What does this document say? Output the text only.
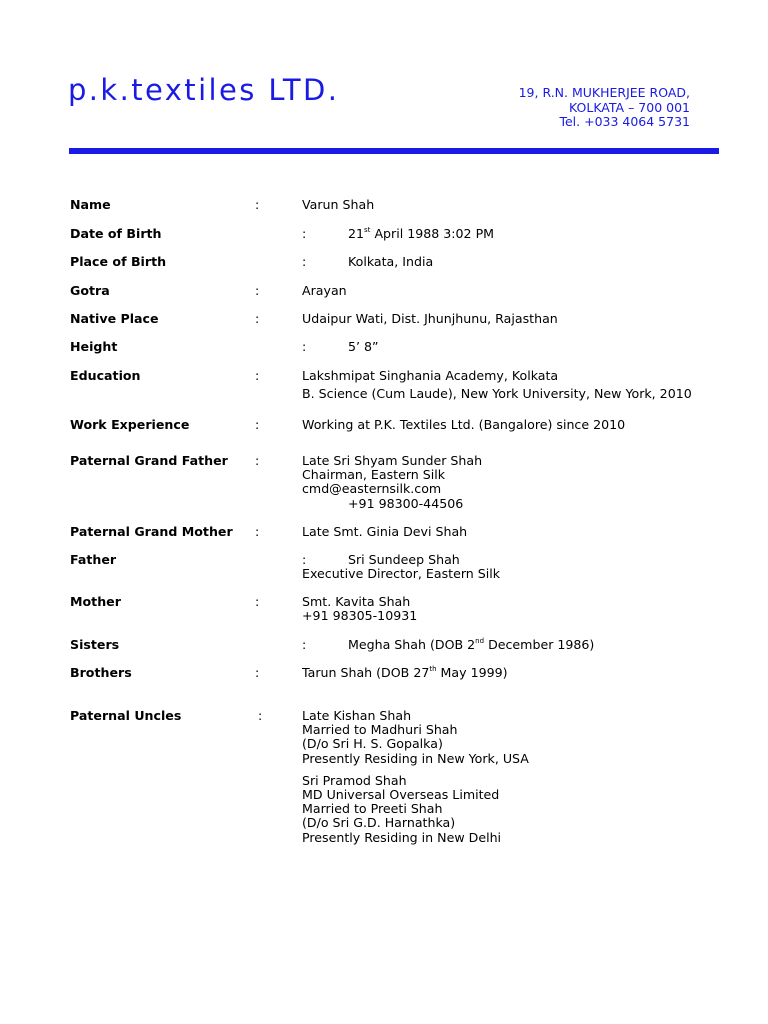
p.k.textiles LTD.	19, R.N. MUKHERJEE ROAD,
KOLKATA – 700 001
Tel. +033 4064 5731
Name	:	Varun Shah
Date of Birth	:	21st April 1988 3:02 PM
Place of Birth	:	Kolkata, India
Gotra	:	Arayan
Native Place	:	Udaipur Wati, Dist. Jhunjhunu, Rajasthan
Height	:	5’ 8”
Education	:	Lakshmipat Singhania Academy, Kolkata
B. Science (Cum Laude), New York University, New York, 2010
Work Experience	:	Working at P.K. Textiles Ltd. (Bangalore) since 2010
Paternal Grand Father :	Late Sri Shyam Sunder Shah
Chairman, Eastern Silk
cmd@easternsilk.com
+91 98300-44506
Paternal Grand Mother :	Late Smt. Ginia Devi Shah
Father	:	Sri Sundeep Shah
Executive Director, Eastern Silk
Mother	:	Smt. Kavita Shah
+91 98305-10931
Sisters	:	Megha Shah (DOB 2nd December 1986)
Brothers	:	Tarun Shah (DOB 27th May 1999)
Paternal Uncles	:	Late Kishan Shah
Married to Madhuri Shah
(D/o Sri H. S. Gopalka)
Presently Residing in New York, USA
Sri Pramod Shah
MD Universal Overseas Limited
Married to Preeti Shah
(D/o Sri G.D. Harnathka)
Presently Residing in New Delhi
